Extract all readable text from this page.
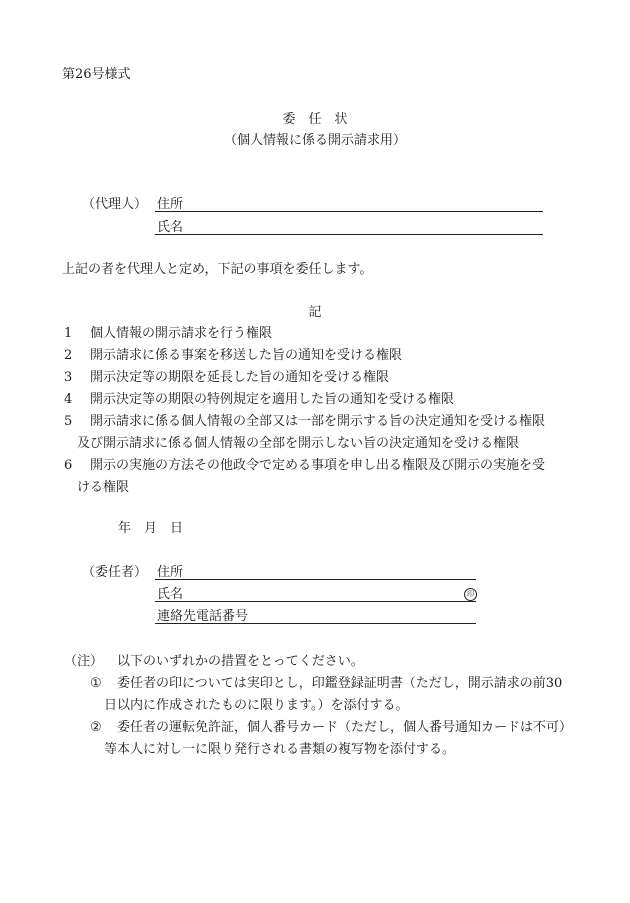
第26号様式
委　任　状
（個人情報に係る開示請求用）
（代理人） 住所
氏名
上記の者を代理人と定め，下記の事項を委任します。
記
1 個人情報の開示請求を行う権限
2 開示請求に係る事案を移送した旨の通知を受ける権限
3 開示決定等の期限を延長した旨の通知を受ける権限
4 開示決定等の期限の特例規定を適用した旨の通知を受ける権限
5 開示請求に係る個人情報の全部又は一部を開示する旨の決定通知を受ける権限
及び開示請求に係る個人情報の全部を開示しない旨の決定通知を受ける権限
6 開示の実施の方法その他政令で定める事項を申し出る権限及び開示の実施を受
ける権限
年　月　日
（委任者） 住所
氏名	印
連絡先電話番号
（注） 以下のいずれかの措置をとってください。
① 委任者の印については実印とし，印鑑登録証明書（ただし，開示請求の前30
日以内に作成されたものに限ります。）を添付する。
② 委任者の運転免許証，個人番号カード（ただし，個人番号通知カードは不可）
等本人に対し一に限り発行される書類の複写物を添付する。
